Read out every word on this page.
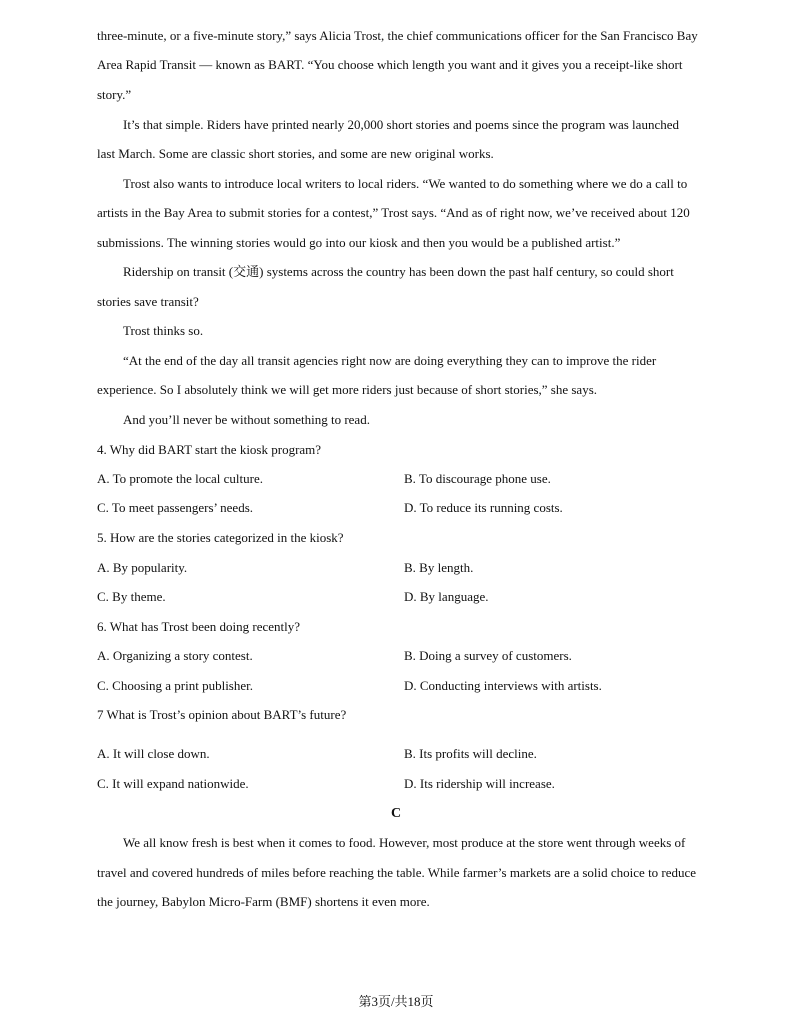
three-minute, or a five-minute story,” says Alicia Trost, the chief communications officer for the San Francisco Bay
Area Rapid Transit — known as BART. “You choose which length you want and it gives you a receipt-like short
story.”
It’s that simple. Riders have printed nearly 20,000 short stories and poems since the program was launched
last March. Some are classic short stories, and some are new original works.
Trost also wants to introduce local writers to local riders. “We wanted to do something where we do a call to
artists in the Bay Area to submit stories for a contest,” Trost says. “And as of right now, we’ve received about 120
submissions. The winning stories would go into our kiosk and then you would be a published artist.”
Ridership on transit (交通) systems across the country has been down the past half century, so could short
stories save transit?
Trost thinks so.
“At the end of the day all transit agencies right now are doing everything they can to improve the rider
experience. So I absolutely think we will get more riders just because of short stories,” she says.
And you’ll never be without something to read.
4. Why did BART start the kiosk program?
A. To promote the local culture.	B. To discourage phone use.
C. To meet passengers’ needs.	D. To reduce its running costs.
5. How are the stories categorized in the kiosk?
A. By popularity.	B. By length.
C. By theme.	D. By language.
6. What has Trost been doing recently?
A. Organizing a story contest.	B. Doing a survey of customers.
C. Choosing a print publisher.	D. Conducting interviews with artists.
7 What is Trost’s opinion about BART’s future?
A. It will close down.	B. Its profits will decline.
C. It will expand nationwide.	D. Its ridership will increase.
C
We all know fresh is best when it comes to food. However, most produce at the store went through weeks of
travel and covered hundreds of miles before reaching the table. While farmer’s markets are a solid choice to reduce
the journey, Babylon Micro-Farm (BMF) shortens it even more.
第3页/共18页
